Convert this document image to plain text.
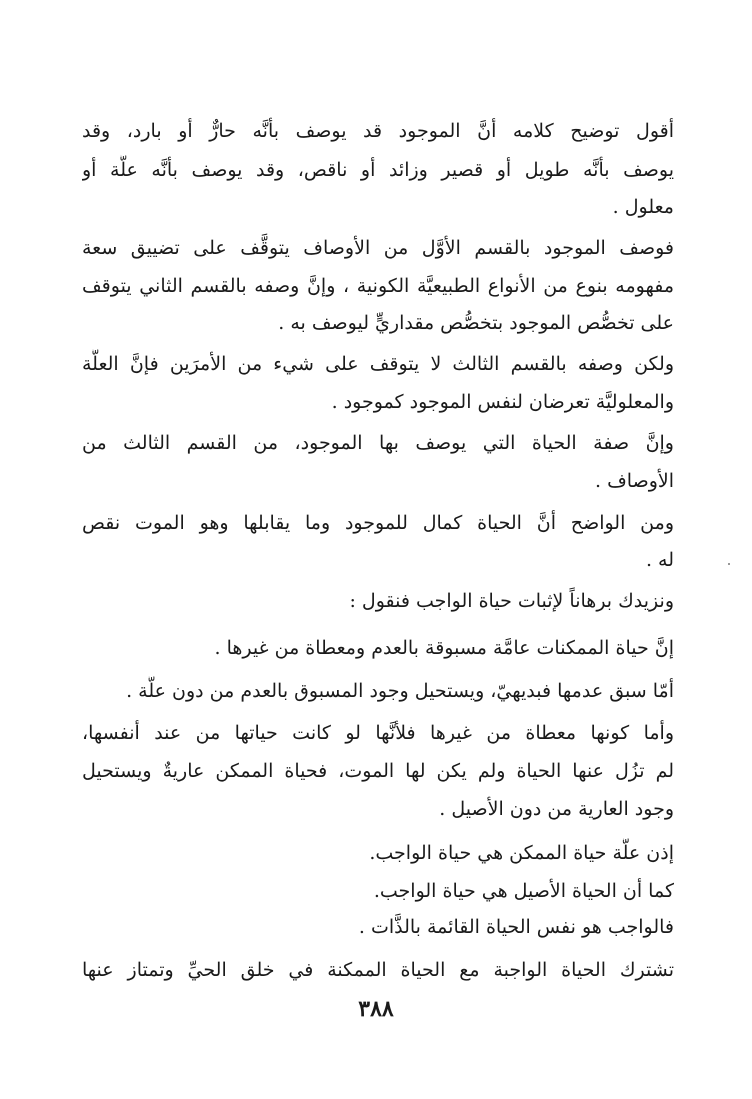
أقول توضيح كلامه أنَّ الموجود قد يوصف بأنَّه حارٌّ أو بارد، وقد
يوصف بأنَّه طويل أو قصير وزائد أو ناقص، وقد يوصف بأنَّه علَّة أو
معلول .
فوصف الموجود بالقسم الأوَّل من الأوصاف يتوقَّف على تضييق سعة
مفهومه بنوع من الأنواع الطبيعيَّة الكونية ، وإنَّ وصفه بالقسم الثاني يتوقف
على تخصُّص الموجود بتخصُّص مقداريٍّ ليوصف به .
ولكن وصفه بالقسم الثالث لا يتوقف على شيء من الأمرَين فإنَّ العلَّة
والمعلوليَّة تعرضان لنفس الموجود كموجود .
وإنَّ صفة الحياة التي يوصف بها الموجود، من القسم الثالث من
الأوصاف .
ومن الواضح أنَّ الحياة كمال للموجود وما يقابلها وهو الموت نقص
له .
ونزيدك برهاناً لإثبات حياة الواجب فنقول :
إنَّ حياة الممكنات عامَّة مسبوقة بالعدم ومعطاة من غيرها .
أمّا سبق عدمها فبديهيّ، ويستحيل وجود المسبوق بالعدم من دون علَّة .
وأما كونها معطاة من غيرها فلأنَّها لو كانت حياتها من عند أنفسها،
لم تزُل عنها الحياة ولم يكن لها الموت، فحياة الممكن عاريةٌ ويستحيل
وجود العارية من دون الأصيل .
إذن علَّة حياة الممكن هي حياة الواجب.
كما أن الحياة الأصيل هي حياة الواجب.
فالواجب هو نفس الحياة القائمة بالذَّات .
تشترك الحياة الواجبة مع الحياة الممكنة في خلق الحيِّ وتمتاز عنها
٣٨٨
